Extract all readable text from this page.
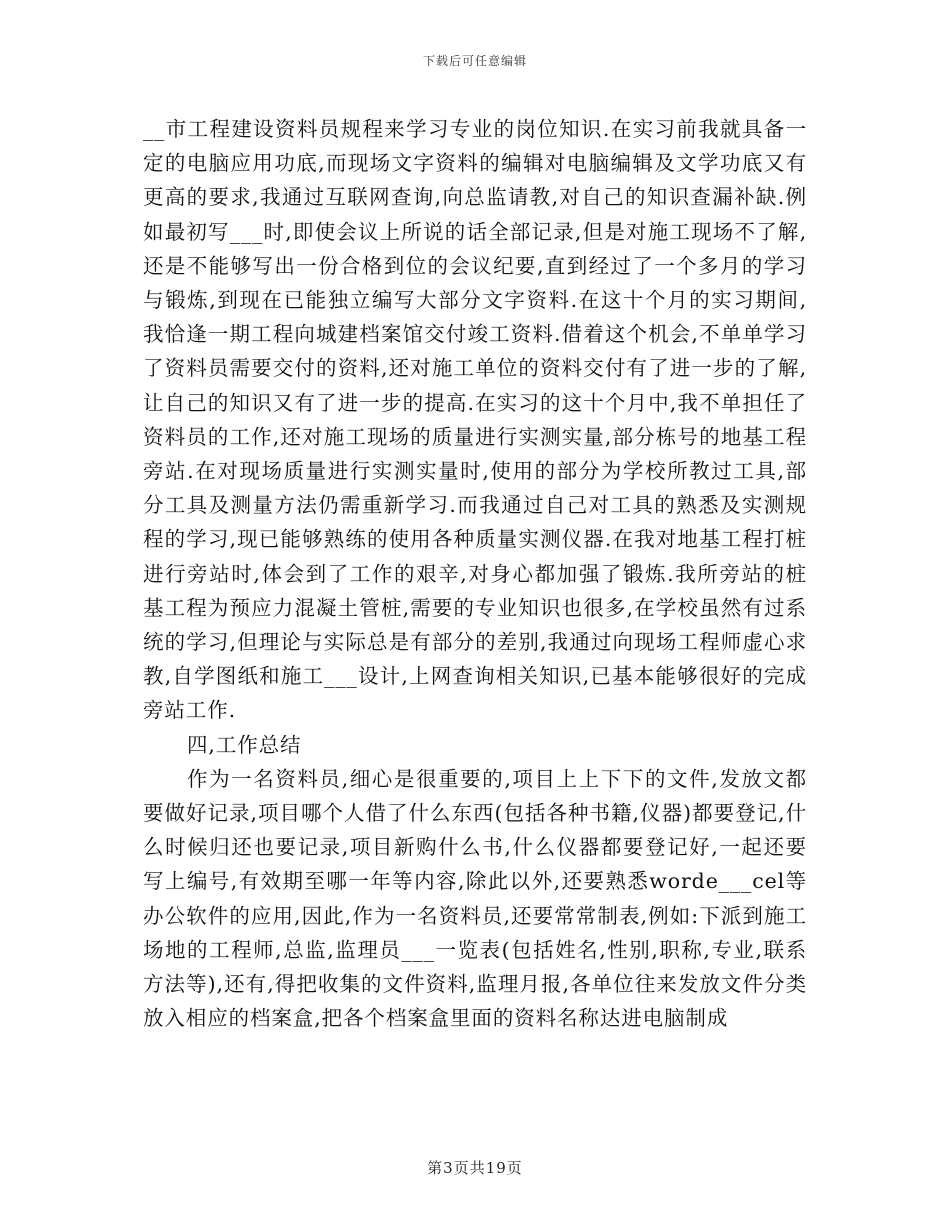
下载后可任意编辑

__市工程建设资料员规程来学习专业的岗位知识.在实习前我就具备一定的电脑应用功底,而现场文字资料的编辑对电脑编辑及文学功底又有更高的要求,我通过互联网查询,向总监请教,对自己的知识查漏补缺.例如最初写___时,即使会议上所说的话全部记录,但是对施工现场不了解,还是不能够写出一份合格到位的会议纪要,直到经过了一个多月的学习与锻炼,到现在已能独立编写大部分文字资料.在这十个月的实习期间,我恰逢一期工程向城建档案馆交付竣工资料.借着这个机会,不单单学习了资料员需要交付的资料,还对施工单位的资料交付有了进一步的了解,让自己的知识又有了进一步的提高.在实习的这十个月中,我不单担任了资料员的工作,还对施工现场的质量进行实测实量,部分栋号的地基工程旁站.在对现场质量进行实测实量时,使用的部分为学校所教过工具,部分工具及测量方法仍需重新学习.而我通过自己对工具的熟悉及实测规程的学习,现已能够熟练的使用各种质量实测仪器.在我对地基工程打桩进行旁站时,体会到了工作的艰辛,对身心都加强了锻炼.我所旁站的桩基工程为预应力混凝土管桩,需要的专业知识也很多,在学校虽然有过系统的学习,但理论与实际总是有部分的差别,我通过向现场工程师虚心求教,自学图纸和施工___设计,上网查询相关知识,已基本能够很好的完成旁站工作.

四,工作总结

作为一名资料员,细心是很重要的,项目上上下下的文件,发放文都要做好记录,项目哪个人借了什么东西(包括各种书籍,仪器)都要登记,什么时候归还也要记录,项目新购什么书,什么仪器都要登记好,一起还要写上编号,有效期至哪一年等内容,除此以外,还要熟悉worde___cel等办公软件的应用,因此,作为一名资料员,还要常常制表,例如:下派到施工场地的工程师,总监,监理员___一览表(包括姓名,性别,职称,专业,联系方法等),还有,得把收集的文件资料,监理月报,各单位往来发放文件分类放入相应的档案盒,把各个档案盒里面的资料名称达进电脑制成

第3页共19页
